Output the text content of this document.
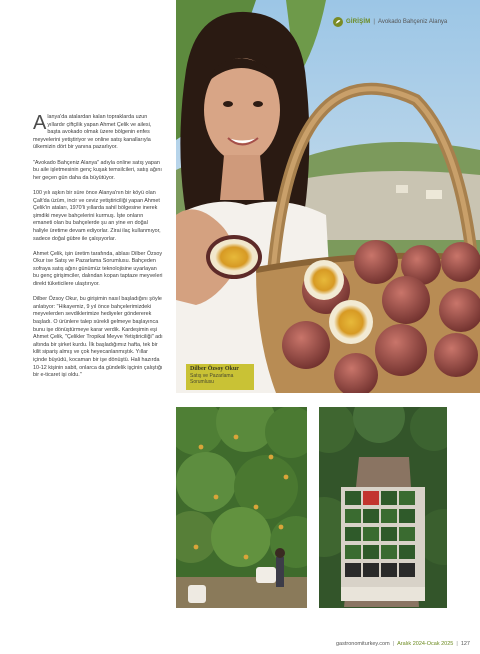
GİRİŞİM | Avokado Bahçeniz Alanya
Dilber Özsoy Okur
Satış ve Pazarlama Sorumlusu

Alanya'da atalardan kalan topraklarda uzun yıllardır çiftçilik yapan Ahmet Çelik ve ailesi, başta avokado olmak üzere bölgenin enfes meyvelerini yetiştiriyor ve online satış kanallarıyla ülkemizin dört bir yanına pazarlıyor.

"Avokado Bahçeniz Alanya" adıyla online satış yapan bu aile işletmesinin genç kuşak temsilcileri, satış ağını her geçen gün daha da büyütüyor.

100 yılı aşkın bir süre önce Alanya'nın bir köyü olan Çalt'da üzüm, incir ve ceviz yetiştiriciliği yapan Ahmet Çelik'in ataları, 1970'li yıllarda sahil bölgesine inerek şimdiki meyve bahçelerini kurmuş. İşte onların emaneti olan bu bahçelerde şu an yine en doğal haliyle üretime devam ediyorlar. Zirai ilaç kullanmıyor, sadece doğal gübre ile çalışıyorlar.

Ahmet Çelik, işin üretim tarafında, ablası Dilber Özsoy Okur ise Satış ve Pazarlama Sorumlusu. Bahçeden sofraya satış ağını günümüz teknolojisine uyarlayan bu genç girişimciler, dalından kopan taptaze meyveleri direkt tüketicilere ulaştırıyor.

Dilber Özsoy Okur, bu girişimin nasıl başladığını şöyle anlatıyor: "Hikayemiz, 9 yıl önce bahçelerimizdeki meyvelerden sevdiklerimize hediyeler göndererek başladı. O ürünlere talep sürekli gelmeye başlayınca bunu işe dönüştürmeye karar verdik. Kardeşimin eşi Ahmet Çelik, "Çelikler Tropikal Meyve Yetiştiriciliği" adı altında bir şirket kurdu. İlk başladığımız hafta, tek bir kilit sipariş almış ve çok heyecanlanmıştık. Yıllar içinde büyüdü, kocaman bir işe dönüştü. Hali hazırda 10-12 kişinin sabit, onlarca da gündelik işçinin çalıştığı bir e-ticaret işi oldu."

gastronomiturkey.com | Aralık 2024-Ocak 2025 | 127
